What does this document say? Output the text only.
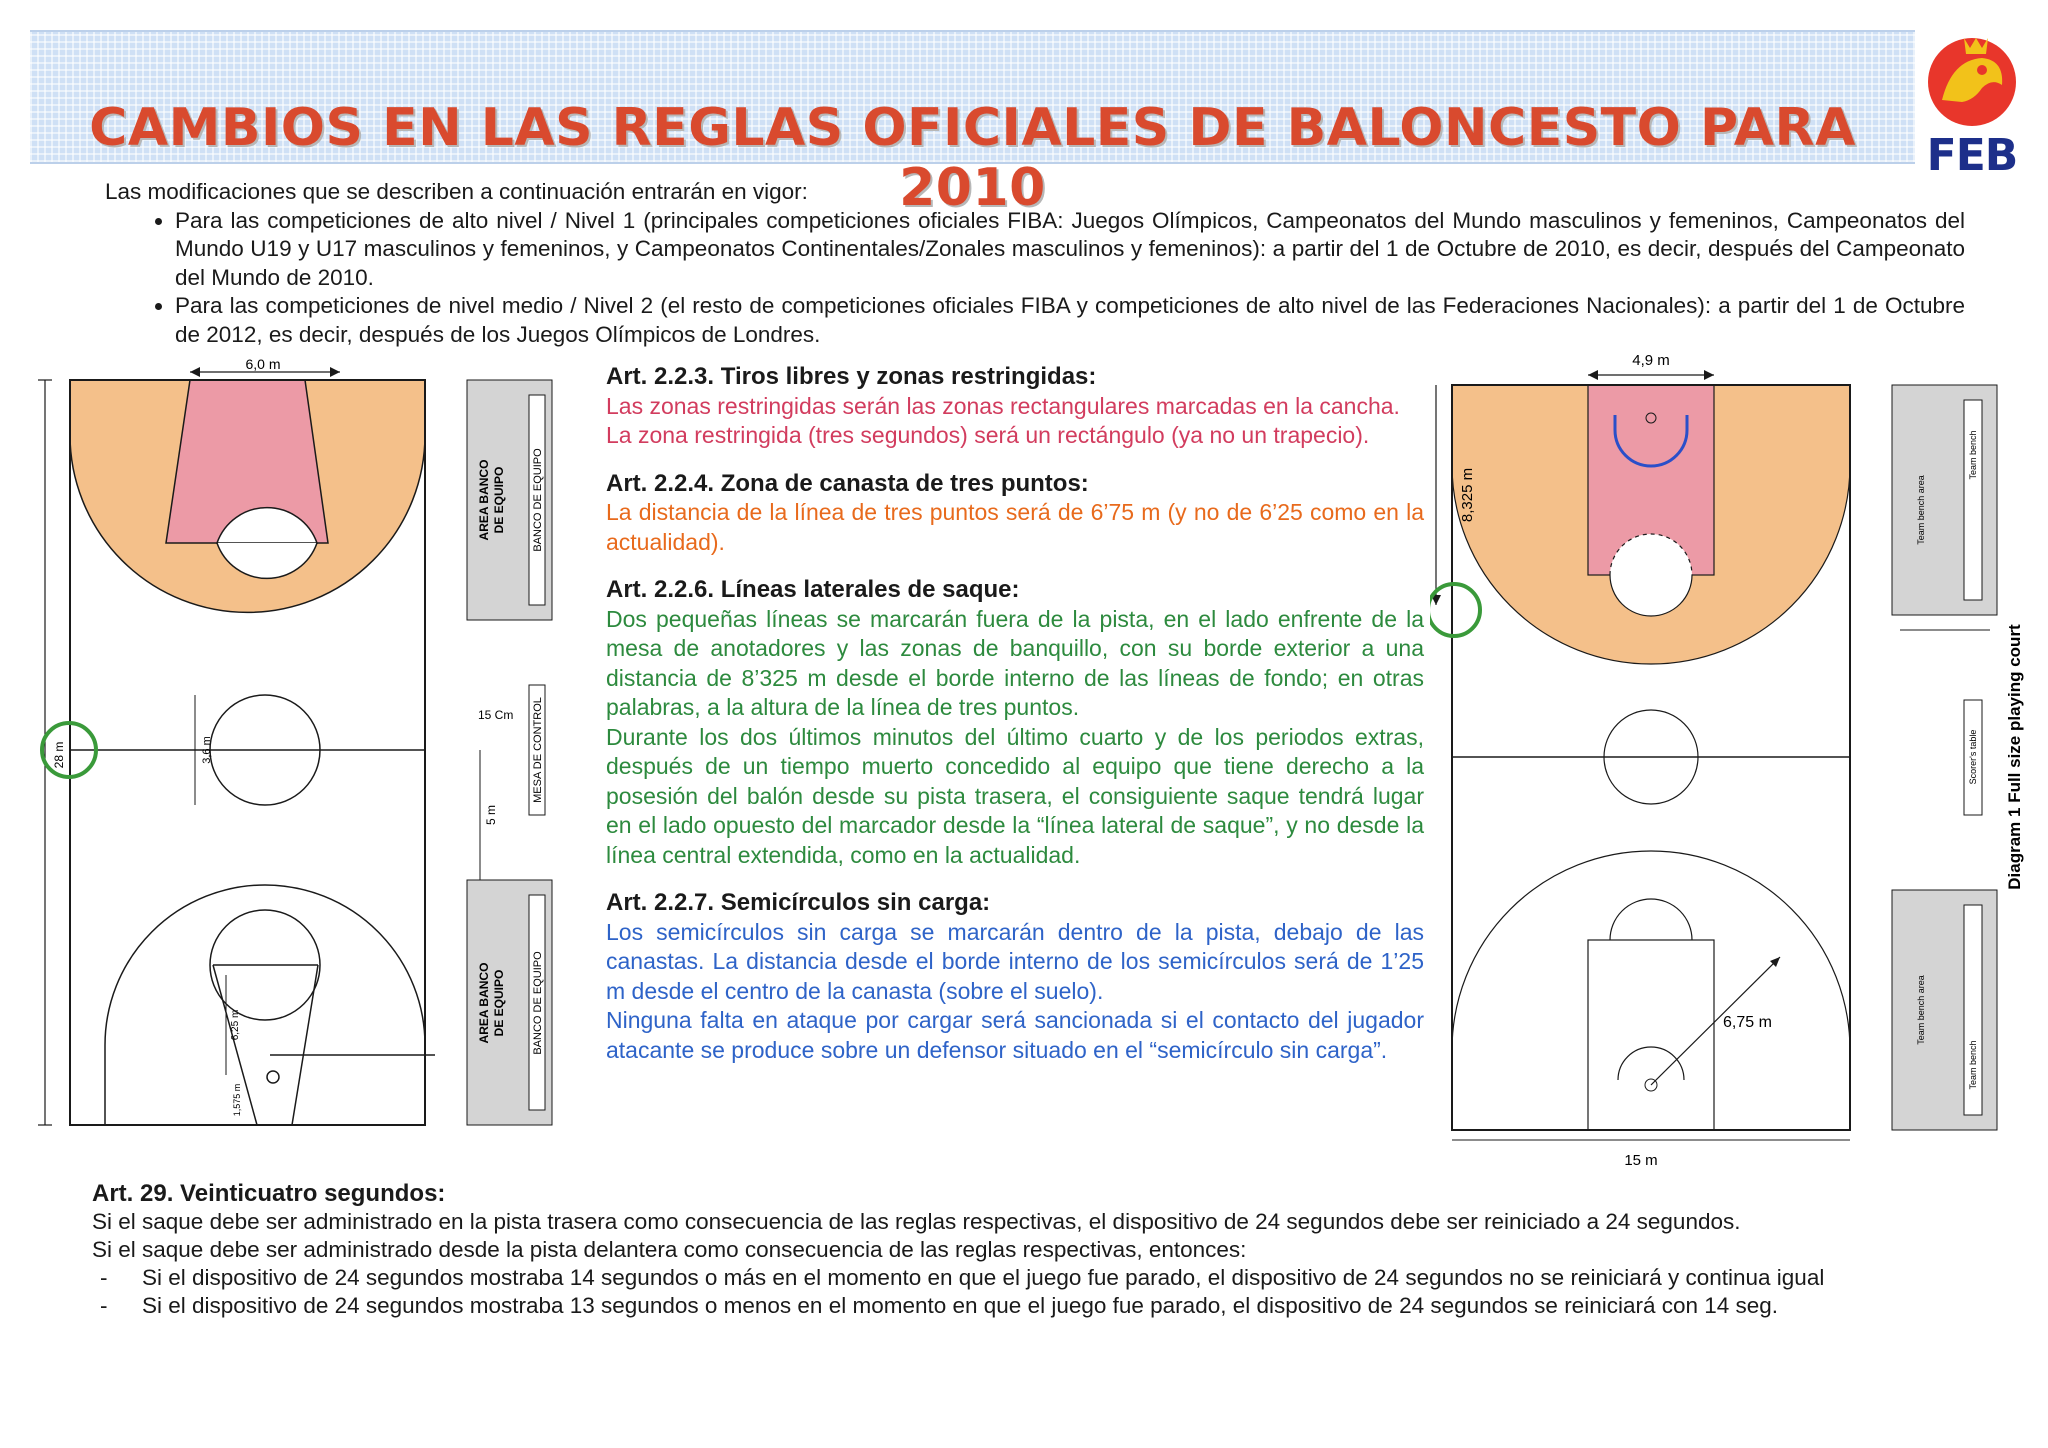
CAMBIOS EN LAS REGLAS OFICIALES DE BALONCESTO PARA 2010
FEB
Las modificaciones que se describen a continuación entrarán en vigor:
• Para las competiciones de alto nivel / Nivel 1 (principales competiciones oficiales FIBA: Juegos Olímpicos, Campeonatos del Mundo masculinos y femeninos, Campeonatos del Mundo U19 y U17 masculinos y femeninos, y Campeonatos Continentales/Zonales masculinos y femeninos): a partir del 1 de Octubre de 2010, es decir, después del Campeonato del Mundo de 2010.
• Para las competiciones de nivel medio / Nivel 2 (el resto de competiciones oficiales FIBA y competiciones de alto nivel de las Federaciones Nacionales): a partir del 1 de Octubre de 2012, es decir, después de los Juegos Olímpicos de Londres.
6,0 m
28 m	3,6 m
15 Cm
5 m
6,25 m
1,575 m
AREA BANCO DE EQUIPO BANCO DE EQUIPO
MESA DE CONTROL
AREA BANCO DE EQUIPO BANCO DE EQUIPO
Art. 2.2.3. Tiros libres y zonas restringidas:

Las zonas restringidas serán las zonas rectangulares marcadas en la cancha.

La zona restringida (tres segundos) será un rectángulo (ya no un trapecio).

Art. 2.2.4. Zona de canasta de tres puntos:

La distancia de la línea de tres puntos será de 6’75 m (y no de 6’25 como en la actualidad).

Art. 2.2.6. Líneas laterales de saque:

Dos pequeñas líneas se marcarán fuera de la pista, en el lado enfrente de la mesa de anotadores y las zonas de banquillo, con su borde exterior a una distancia de 8’325 m desde el borde interno de las líneas de fondo; en otras palabras, a la altura de la línea de tres puntos.

Durante los dos últimos minutos del último cuarto y de los periodos extras, después de un tiempo muerto concedido al equipo que tiene derecho a la posesión del balón desde su pista trasera, el consiguiente saque tendrá lugar en el lado opuesto del marcador desde la “línea lateral de saque”, y no desde la línea central extendida, como en la actualidad.

Art. 2.2.7. Semicírculos sin carga:

Los semicírculos sin carga se marcarán dentro de la pista, debajo de las canastas. La distancia desde el borde interno de los semicírculos será de 1’25 m desde el centro de la canasta (sobre el suelo).

Ninguna falta en ataque por cargar será sancionada si el contacto del jugador atacante se produce sobre un defensor situado en el “semicírculo sin carga”.

4,9 m
8,325 m
6,75 m
15 m
Team bench area
Team bench
Scorer's table
Team bench area
Team bench
Diagram 1 Full size playing court
Art. 29. Veinticuatro segundos:

Si el saque debe ser administrado en la pista trasera como consecuencia de las reglas respectivas, el dispositivo de 24 segundos debe ser reiniciado a 24 segundos.

Si el saque debe ser administrado desde la pista delantera como consecuencia de las reglas respectivas, entonces:

- Si el dispositivo de 24 segundos mostraba 14 segundos o más en el momento en que el juego fue parado, el dispositivo de 24 segundos no se reiniciará y continua igual

- Si el dispositivo de 24 segundos mostraba 13 segundos o menos en el momento en que el juego fue parado, el dispositivo de 24 segundos se reiniciará con 14 seg.
